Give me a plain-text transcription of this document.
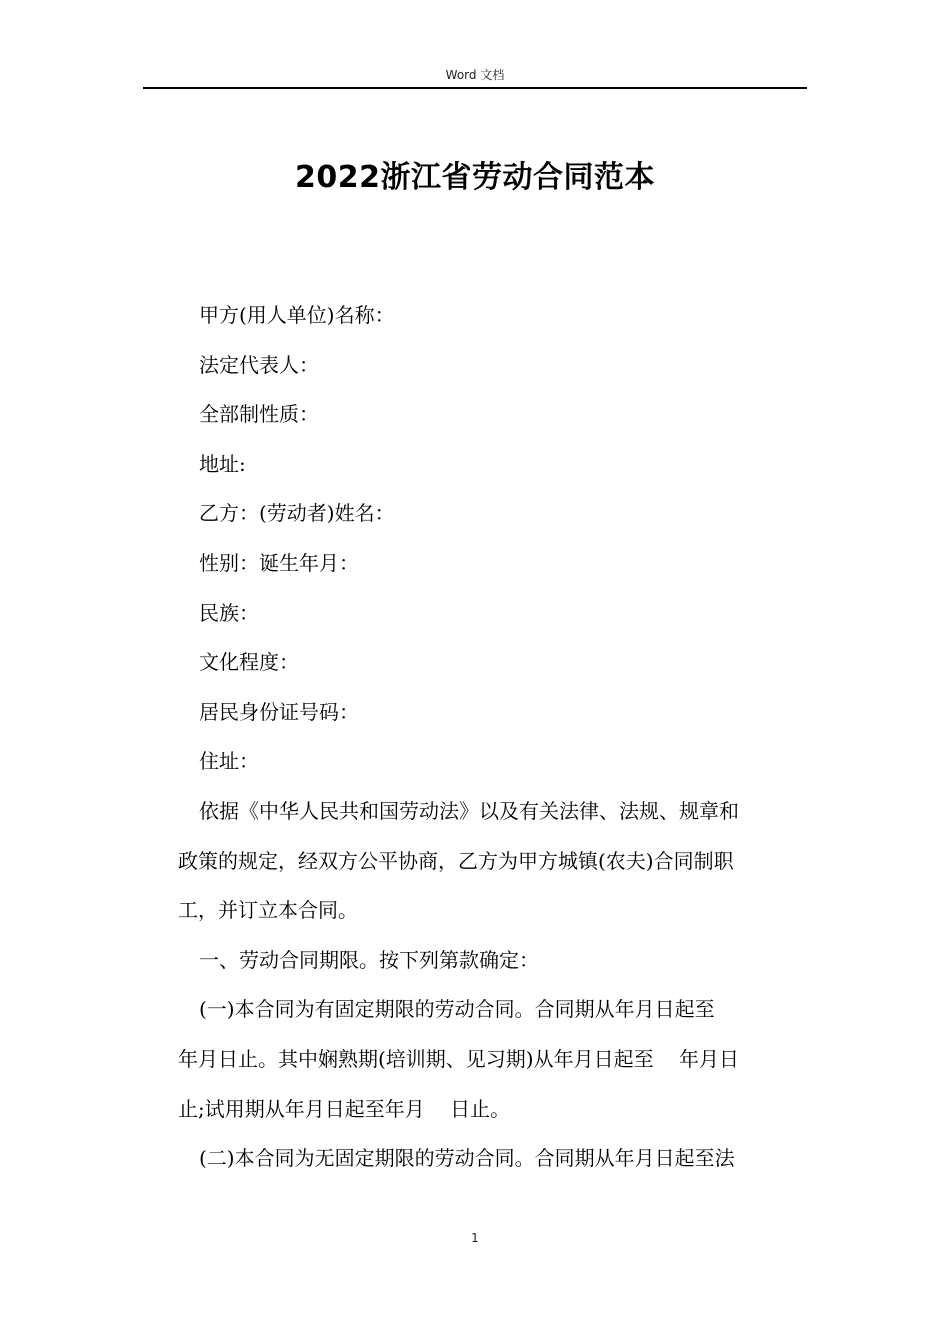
Word 文档
2022浙江省劳动合同范本
甲方(用人单位)名称：
法定代表人：
全部制性质：
地址:
乙方：(劳动者)姓名：
性别：诞生年月：
民族：
文化程度：
居民身份证号码：
住址：
依据《中华人民共和国劳动法》以及有关法律、法规、规章和
政策的规定，经双方公平协商，乙方为甲方城镇(农夫)合同制职
工，并订立本合同。
一、劳动合同期限。按下列第款确定：
(一)本合同为有固定期限的劳动合同。合同期从年月日起至
年月日止。其中娴熟期(培训期、见习期)从年月日起至    年月日
止;试用期从年月日起至年月    日止。
(二)本合同为无固定期限的劳动合同。合同期从年月日起至法
1
